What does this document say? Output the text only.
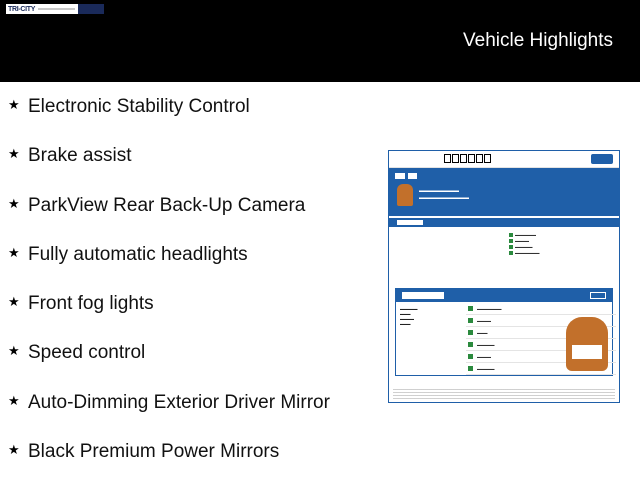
TRI-CITY
Vehicle Highlights
★ Electronic Stability Control
★ Brake assist
★ ParkView Rear Back-Up Camera
★ Fully automatic headlights
★ Front fog lights
★ Speed control
★ Auto-Dimming Exterior Driver Mirror
★ Black Premium Power Mirrors

▬▬▬▬▬▬▬▬
▬▬▬▬▬▬▬▬▬▬
▬▬▬▬▬▬
▬▬▬▬
▬▬▬▬▬
▬▬▬▬▬▬▬
▬▬▬▬▬
▬▬▬
▬▬▬▬
▬▬▬
▬▬▬▬▬▬▬
▬▬▬▬
▬▬▬
▬▬▬▬▬
▬▬▬▬
▬▬▬▬▬
